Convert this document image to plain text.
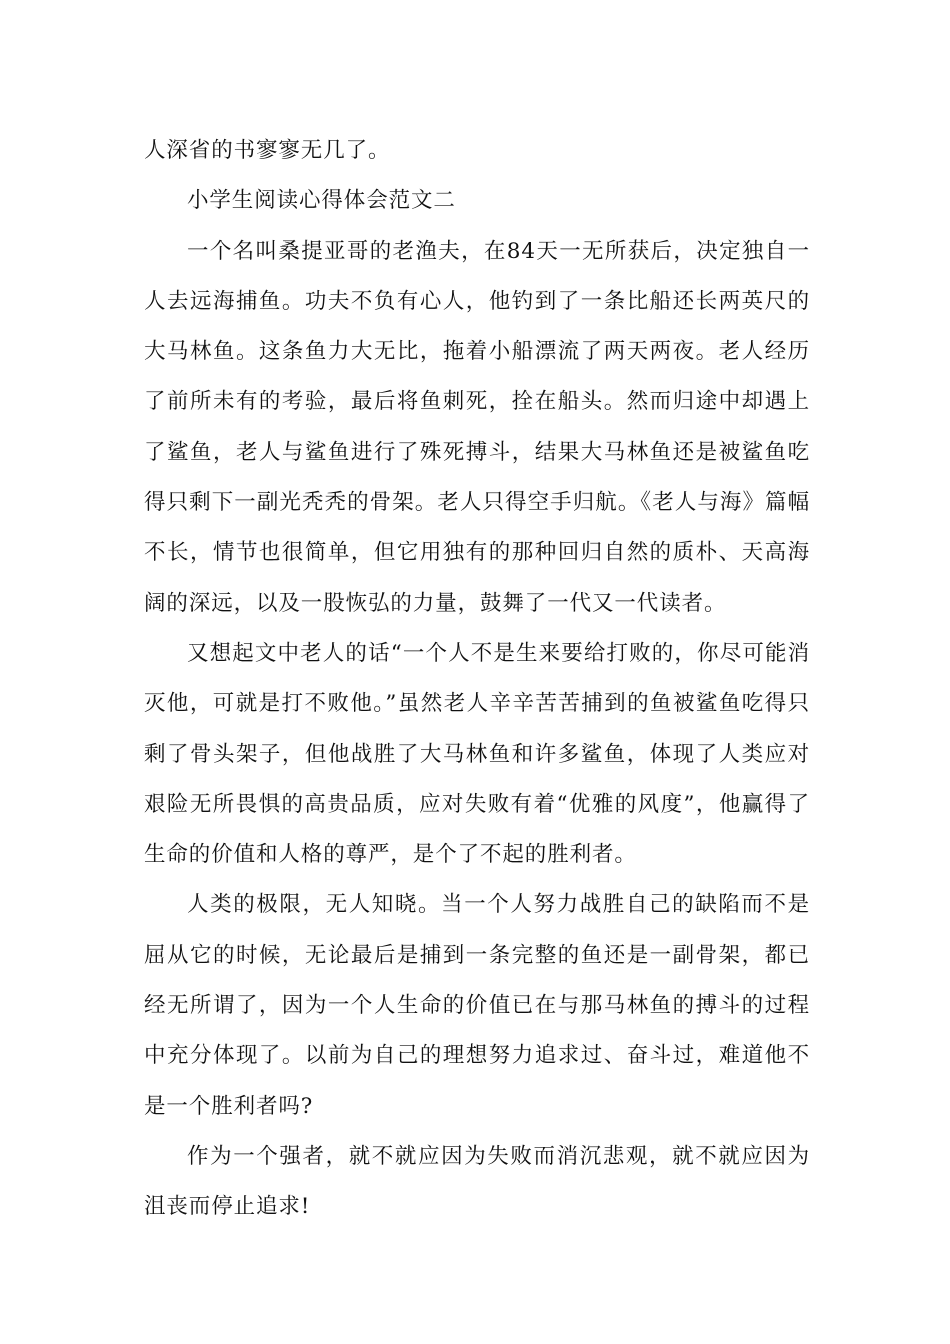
人深省的书寥寥无几了。

小学生阅读心得体会范文二

一个名叫桑提亚哥的老渔夫，在84天一无所获后，决定独自一人去远海捕鱼。功夫不负有心人，他钓到了一条比船还长两英尺的大马林鱼。这条鱼力大无比，拖着小船漂流了两天两夜。老人经历了前所未有的考验，最后将鱼刺死，拴在船头。然而归途中却遇上了鲨鱼，老人与鲨鱼进行了殊死搏斗，结果大马林鱼还是被鲨鱼吃得只剩下一副光秃秃的骨架。老人只得空手归航。《老人与海》篇幅不长，情节也很简单，但它用独有的那种回归自然的质朴、天高海阔的深远，以及一股恢弘的力量，鼓舞了一代又一代读者。

又想起文中老人的话“一个人不是生来要给打败的，你尽可能消灭他，可就是打不败他。”虽然老人辛辛苦苦捕到的鱼被鲨鱼吃得只剩了骨头架子，但他战胜了大马林鱼和许多鲨鱼，体现了人类应对艰险无所畏惧的高贵品质，应对失败有着“优雅的风度”，他赢得了生命的价值和人格的尊严，是个了不起的胜利者。

人类的极限，无人知晓。当一个人努力战胜自己的缺陷而不是屈从它的时候，无论最后是捕到一条完整的鱼还是一副骨架，都已经无所谓了，因为一个人生命的价值已在与那马林鱼的搏斗的过程中充分体现了。以前为自己的理想努力追求过、奋斗过，难道他不是一个胜利者吗?

作为一个强者，就不就应因为失败而消沉悲观，就不就应因为沮丧而停止追求!
